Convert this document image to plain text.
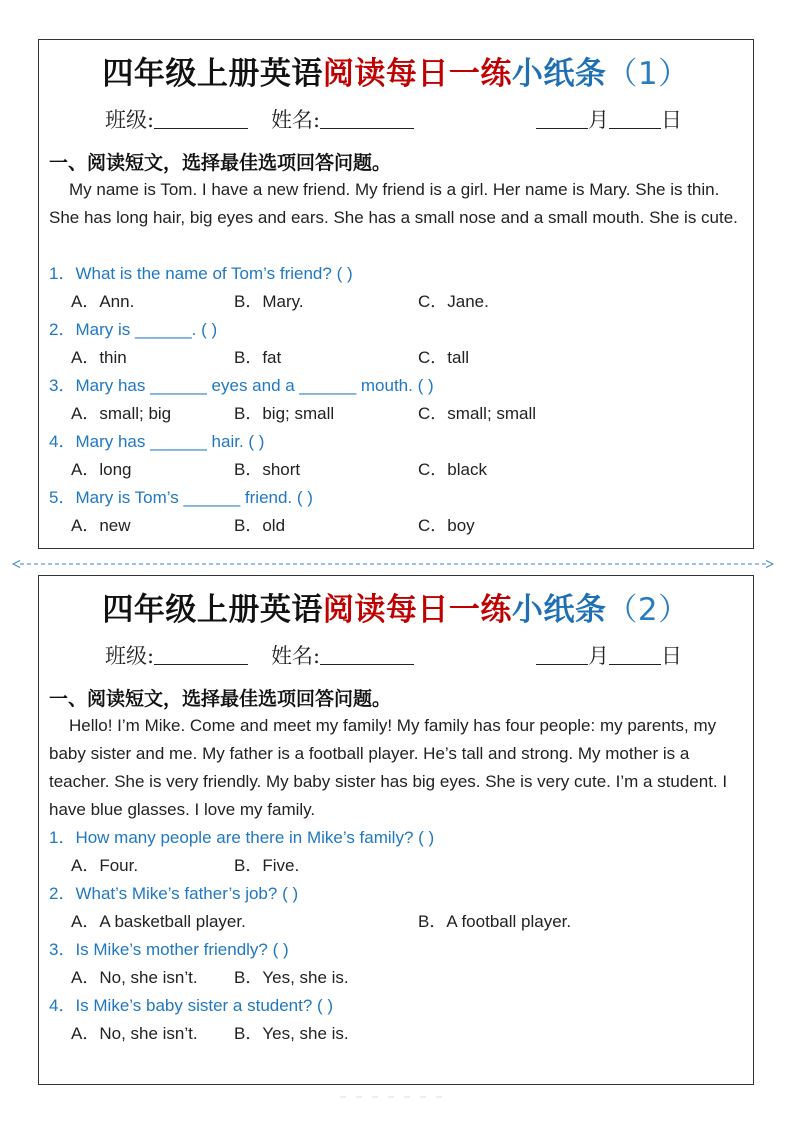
四年级上册英语阅读每日一练小纸条（1）
班级:	姓名:	月 日
一、阅读短文，选择最佳选项回答问题。

My name is Tom. I have a new friend. My friend is a girl. Her name is Mary. She is thin. She has long hair, big eyes and ears. She has a small nose and a small mouth. She is cute.

1．What is the name of Tom’s friend? ( )
A．Ann.	B．Mary.	C．Jane.
2．Mary is ______. ( )
A．thin	B．fat	C．tall
3．Mary has ______ eyes and a ______ mouth. ( )
A．small; big	B．big; small	C．small; small
4．Mary has ______ hair. ( )
A．long	B．short	C．black
5．Mary is Tom’s ______ friend. ( )
A．new	B．old	C．boy
四年级上册英语阅读每日一练小纸条（2）
班级:	姓名:	月 日
一、阅读短文，选择最佳选项回答问题。

Hello! I’m Mike. Come and meet my family! My family has four people: my parents, my baby sister and me. My father is a football player. He’s tall and strong. My mother is a teacher. She is very friendly. My baby sister has big eyes. She is very cute. I’m a student. I have blue glasses. I love my family.

1．How many people are there in Mike’s family? ( )
A．Four.	B．Five.
2．What’s Mike’s father’s job? ( )
A．A basketball player.	B．A football player.
3．Is Mike’s mother friendly? ( )
A．No, she isn’t. B．Yes, she is.
4．Is Mike’s baby sister a student? ( )
A．No, she isn’t. B．Yes, she is.
